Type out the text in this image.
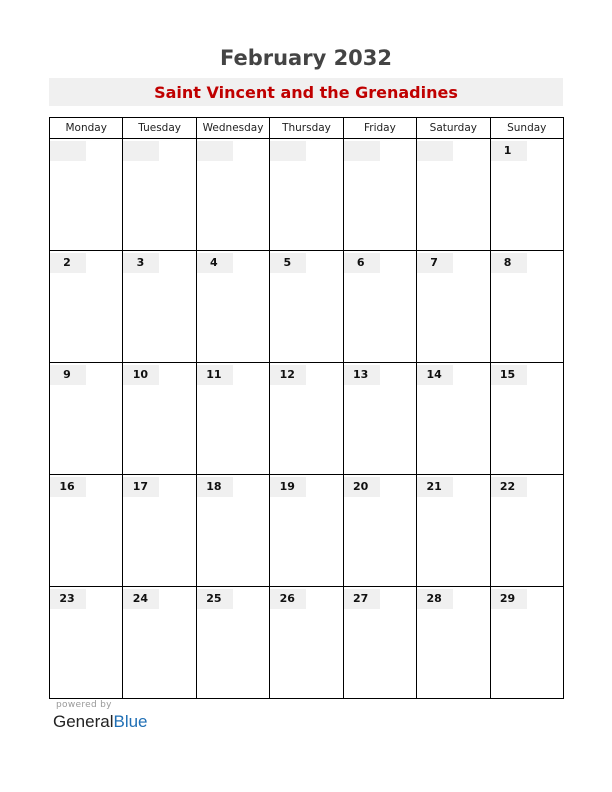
February 2032
Saint Vincent and the Grenadines
Monday	Tuesday	Wednesday	Thursday	Friday	Saturday	Sunday

						1

2	3	4	5	6	7	8

9	10	11	12	13	14	15

16	17	18	19	20	21	22

23	24	25	26	27	28	29
powered by
GeneralBlue
